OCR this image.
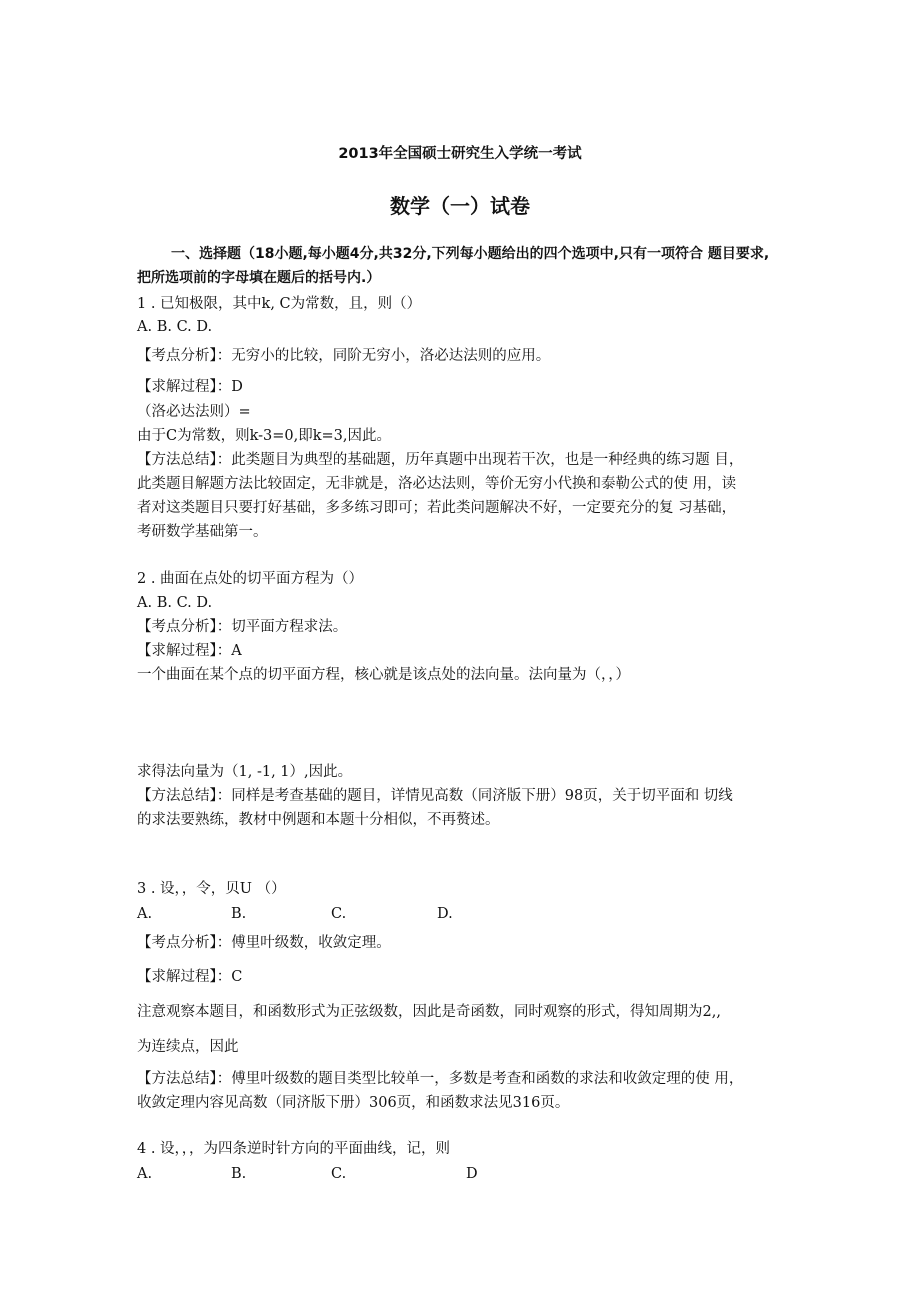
2013年全国硕士研究生入学统一考试
数学（一）试卷
一、选择题（18小题,每小题4分,共32分,下列每小题给出的四个选项中,只有一项符合 题目要求,
把所选项前的字母填在题后的括号内.）
1 . 已知极限，其中k, C为常数，且，则（）
A. B. C. D.
【考点分析】：无穷小的比较，同阶无穷小，洛必达法则的应用。
【求解过程】：D
（洛必达法则）=
由于C为常数，则k-3=0,即k=3,因此。
【方法总结】：此类题目为典型的基础题，历年真题中出现若干次，也是一种经典的练习题 目，
此类题目解题方法比较固定，无非就是，洛必达法则，等价无穷小代换和泰勒公式的使 用，读
者对这类题目只要打好基础，多多练习即可；若此类问题解决不好，一定要充分的复 习基础，
考研数学基础第一。
2 . 曲面在点处的切平面方程为（）
A. B. C. D.
【考点分析】：切平面方程求法。
【求解过程】：A
一个曲面在某个点的切平面方程，核心就是该点处的法向量。法向量为（，，）
求得法向量为（1, -1, 1）,因此。
【方法总结】：同样是考查基础的题目，详情见高数（同济版下册）98页，关于切平面和 切线
的求法要熟练，教材中例题和本题十分相似，不再赘述。
3 . 设，，令，贝U （）
A.	B.	C.	D.
【考点分析】：傅里叶级数，收敛定理。
【求解过程】：C
注意观察本题目，和函数形式为正弦级数，因此是奇函数，同时观察的形式，得知周期为2,,
为连续点，因此
【方法总结】：傅里叶级数的题目类型比较单一，多数是考查和函数的求法和收敛定理的使 用，
收敛定理内容见高数（同济版下册）306页，和函数求法见316页。
4 . 设，，，为四条逆时针方向的平面曲线，记，则
A.	B.	C.	D
